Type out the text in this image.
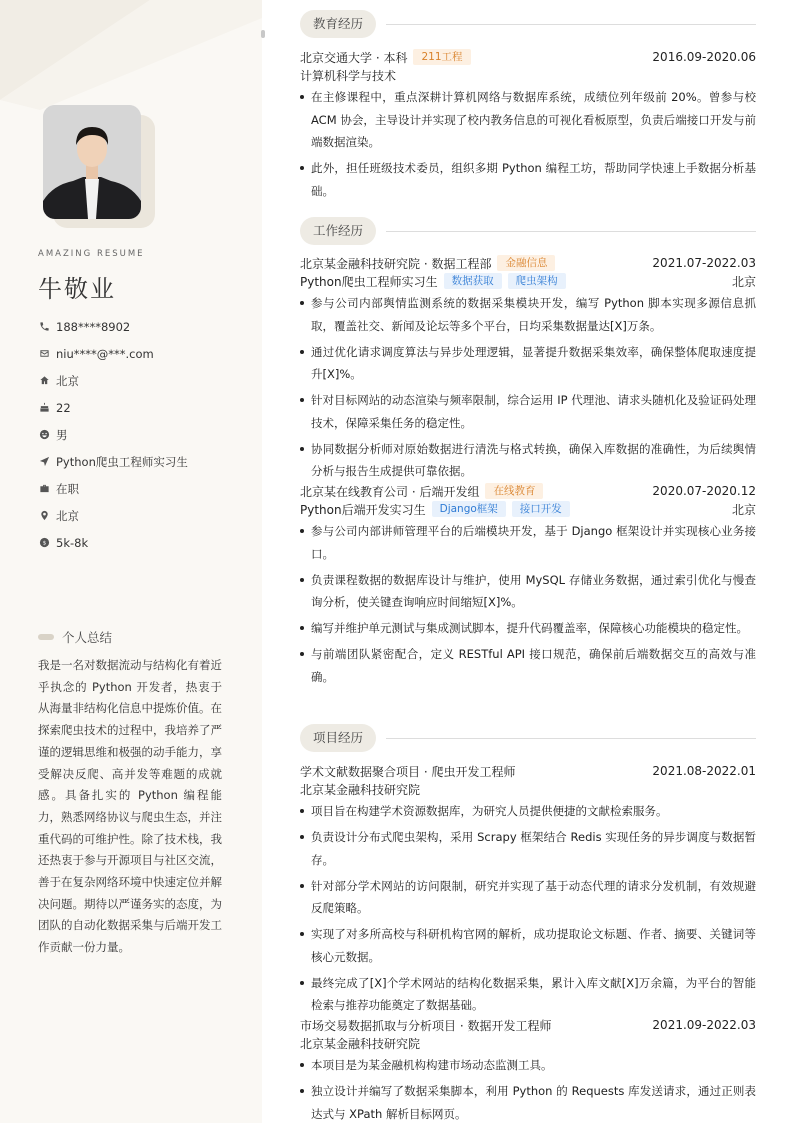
AMAZING RESUME
牛敬业
188****8902
niu****@***.com
北京
22
男
Python爬虫工程师实习生
在职
北京
$ 5k-8k
个人总结
我是一名对数据流动与结构化有着近乎执念的 Python 开发者，热衷于从海量非结构化信息中提炼价值。在探索爬虫技术的过程中，我培养了严谨的逻辑思维和极强的动手能力，享受解决反爬、高并发等难题的成就感。具备扎实的 Python 编程能力，熟悉网络协议与爬虫生态，并注重代码的可维护性。除了技术栈，我还热衷于参与开源项目与社区交流，善于在复杂网络环境中快速定位并解决问题。期待以严谨务实的态度，为团队的自动化数据采集与后端开发工作贡献一份力量。
教育经历
北京交通大学 · 本科	211工程	2016.09-2020.06
计算机科学与技术
在主修课程中，重点深耕计算机网络与数据库系统，成绩位列年级前 20%。曾参与校 ACM 协会，主导设计并实现了校内教务信息的可视化看板原型，负责后端接口开发与前端数据渲染。
此外，担任班级技术委员，组织多期 Python 编程工坊，帮助同学快速上手数据分析基础。
工作经历
北京某金融科技研究院 · 数据工程部	金融信息	2021.07-2022.03
Python爬虫工程师实习生	数据获取	爬虫架构	北京
参与公司内部舆情监测系统的数据采集模块开发，编写 Python 脚本实现多源信息抓取，覆盖社交、新闻及论坛等多个平台，日均采集数据量达[X]万条。
通过优化请求调度算法与异步处理逻辑，显著提升数据采集效率，确保整体爬取速度提升[X]%。
针对目标网站的动态渲染与频率限制，综合运用 IP 代理池、请求头随机化及验证码处理技术，保障采集任务的稳定性。
协同数据分析师对原始数据进行清洗与格式转换，确保入库数据的准确性，为后续舆情分析与报告生成提供可靠依据。
北京某在线教育公司 · 后端开发组	在线教育	2020.07-2020.12
Python后端开发实习生	Django框架	接口开发	北京
参与公司内部讲师管理平台的后端模块开发，基于 Django 框架设计并实现核心业务接口。
负责课程数据的数据库设计与维护，使用 MySQL 存储业务数据，通过索引优化与慢查询分析，使关键查询响应时间缩短[X]%。
编写并维护单元测试与集成测试脚本，提升代码覆盖率，保障核心功能模块的稳定性。
与前端团队紧密配合，定义 RESTful API 接口规范，确保前后端数据交互的高效与准确。
项目经历
学术文献数据聚合项目 · 爬虫开发工程师	2021.08-2022.01
北京某金融科技研究院
项目旨在构建学术资源数据库，为研究人员提供便捷的文献检索服务。
负责设计分布式爬虫架构，采用 Scrapy 框架结合 Redis 实现任务的异步调度与数据暂存。
针对部分学术网站的访问限制，研究并实现了基于动态代理的请求分发机制，有效规避反爬策略。
实现了对多所高校与科研机构官网的解析，成功提取论文标题、作者、摘要、关键词等核心元数据。
最终完成了[X]个学术网站的结构化数据采集，累计入库文献[X]万余篇，为平台的智能检索与推荐功能奠定了数据基础。
市场交易数据抓取与分析项目 · 数据开发工程师	2021.09-2022.03
北京某金融科技研究院
本项目是为某金融机构构建市场动态监测工具。
独立设计并编写了数据采集脚本，利用 Python 的 Requests 库发送请求，通过正则表达式与 XPath 解析目标网页。
